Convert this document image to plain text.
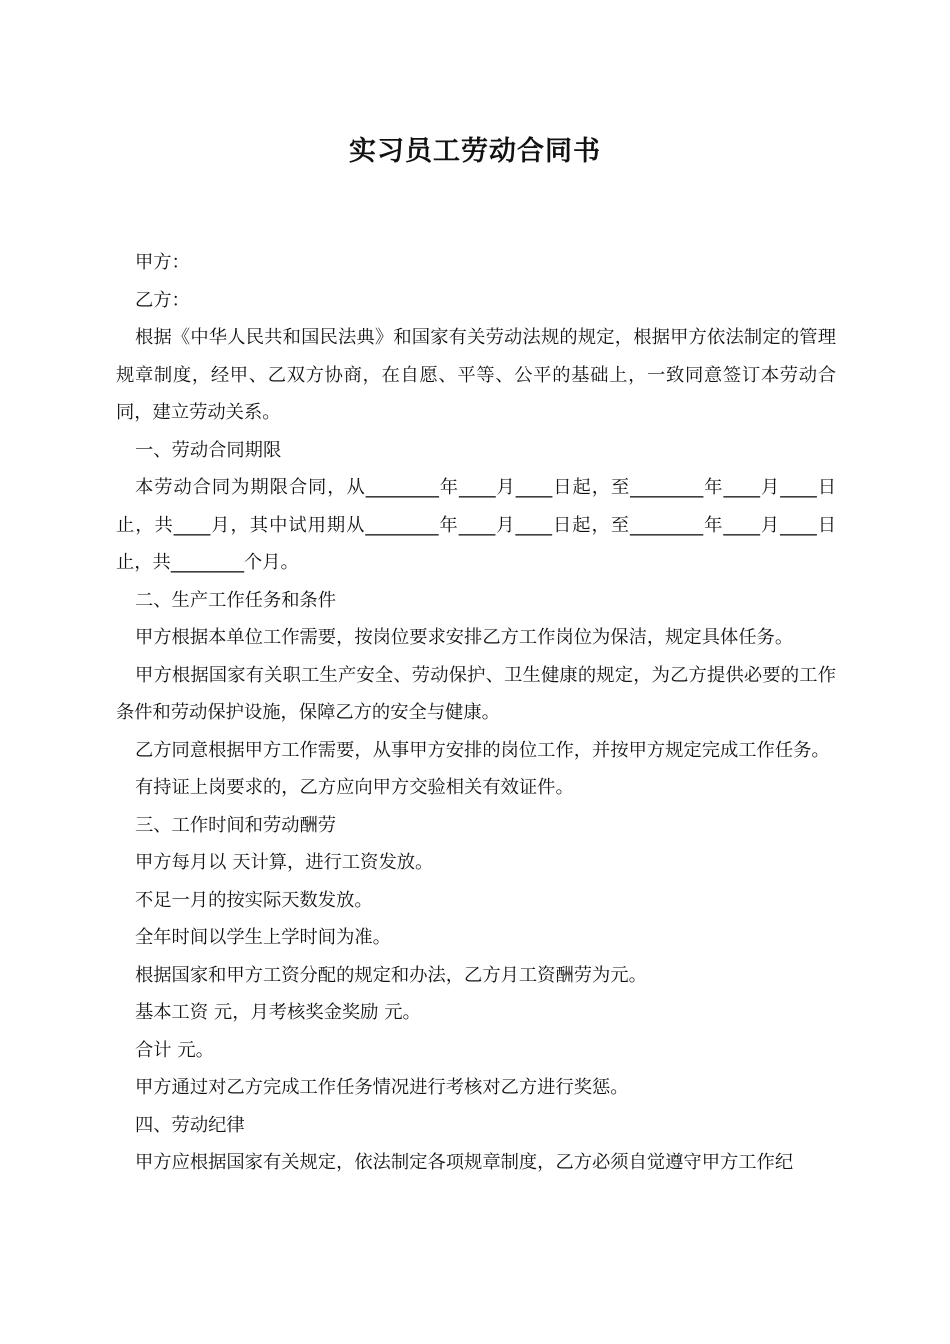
实习员工劳动合同书

甲方：

乙方：

根据《中华人民共和国民法典》和国家有关劳动法规的规定，根据甲方依法制定的管理规章制度，经甲、乙双方协商，在自愿、平等、公平的基础上，一致同意签订本劳动合同，建立劳动关系。

一、劳动合同期限

本劳动合同为期限合同，从________年____月____日起，至________年____月____日止，共____月，其中试用期从________年____月____日起，至________年____月____日止，共________个月。

二、生产工作任务和条件

甲方根据本单位工作需要，按岗位要求安排乙方工作岗位为保洁，规定具体任务。

甲方根据国家有关职工生产安全、劳动保护、卫生健康的规定，为乙方提供必要的工作条件和劳动保护设施，保障乙方的安全与健康。

乙方同意根据甲方工作需要，从事甲方安排的岗位工作，并按甲方规定完成工作任务。

有持证上岗要求的，乙方应向甲方交验相关有效证件。

三、工作时间和劳动酬劳

甲方每月以 天计算，进行工资发放。

不足一月的按实际天数发放。

全年时间以学生上学时间为准。

根据国家和甲方工资分配的规定和办法，乙方月工资酬劳为元。

基本工资 元，月考核奖金奖励 元。

合计 元。

甲方通过对乙方完成工作任务情况进行考核对乙方进行奖惩。

四、劳动纪律

甲方应根据国家有关规定，依法制定各项规章制度，乙方必须自觉遵守甲方工作纪
